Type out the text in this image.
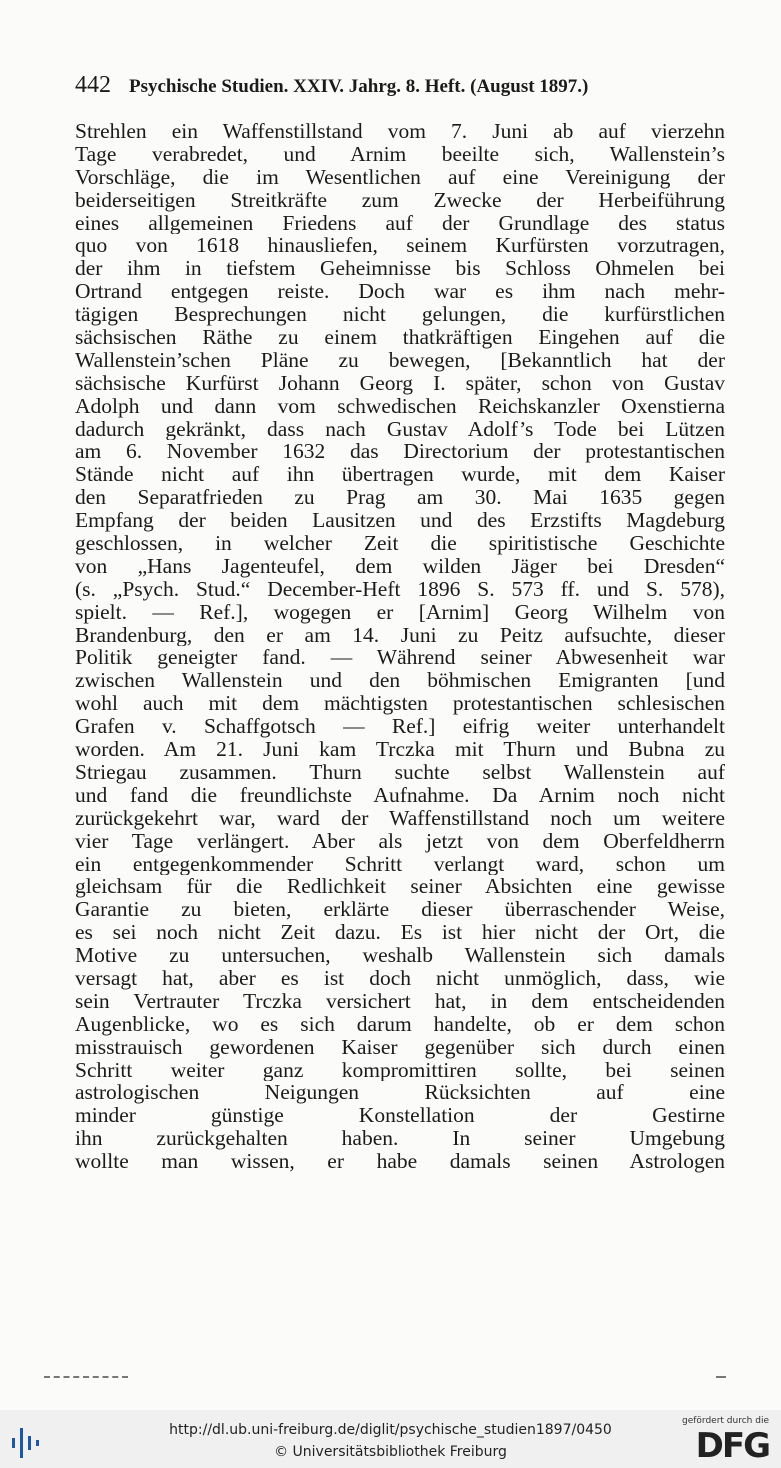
442 Psychische Studien. XXIV. Jahrg. 8. Heft. (August 1897.)
Strehlen ein Waffenstillstand vom 7. Juni ab auf vierzehn
Tage verabredet, und Arnim beeilte sich, Wallenstein’s
Vorschläge, die im Wesentlichen auf eine Vereinigung der
beiderseitigen Streitkräfte zum Zwecke der Herbeiführung
eines allgemeinen Friedens auf der Grundlage des status
quo von 1618 hinausliefen, seinem Kurfürsten vorzutragen,
der ihm in tiefstem Geheimnisse bis Schloss Ohmelen bei
Ortrand entgegen reiste. Doch war es ihm nach mehr-
tägigen Besprechungen nicht gelungen, die kurfürstlichen
sächsischen Räthe zu einem thatkräftigen Eingehen auf die
Wallenstein’schen Pläne zu bewegen, [Bekanntlich hat der
sächsische Kurfürst Johann Georg I. später, schon von Gustav
Adolph und dann vom schwedischen Reichskanzler Oxenstierna
dadurch gekränkt, dass nach Gustav Adolf’s Tode bei Lützen
am 6. November 1632 das Directorium der protestantischen
Stände nicht auf ihn übertragen wurde, mit dem Kaiser
den Separatfrieden zu Prag am 30. Mai 1635 gegen
Empfang der beiden Lausitzen und des Erzstifts Magdeburg
geschlossen, in welcher Zeit die spiritistische Geschichte
von „Hans Jagenteufel, dem wilden Jäger bei Dresden“
(s. „Psych. Stud.“ December-Heft 1896 S. 573 ff. und S. 578),
spielt. — Ref.], wogegen er [Arnim] Georg Wilhelm von
Brandenburg, den er am 14. Juni zu Peitz aufsuchte, dieser
Politik geneigter fand. — Während seiner Abwesenheit war
zwischen Wallenstein und den böhmischen Emigranten [und
wohl auch mit dem mächtigsten protestantischen schlesischen
Grafen v. Schaffgotsch — Ref.] eifrig weiter unterhandelt
worden. Am 21. Juni kam Trczka mit Thurn und Bubna zu
Striegau zusammen. Thurn suchte selbst Wallenstein auf
und fand die freundlichste Aufnahme. Da Arnim noch nicht
zurückgekehrt war, ward der Waffenstillstand noch um weitere
vier Tage verlängert. Aber als jetzt von dem Oberfeldherrn
ein entgegenkommender Schritt verlangt ward, schon um
gleichsam für die Redlichkeit seiner Absichten eine gewisse
Garantie zu bieten, erklärte dieser überraschender Weise,
es sei noch nicht Zeit dazu. Es ist hier nicht der Ort, die
Motive zu untersuchen, weshalb Wallenstein sich damals
versagt hat, aber es ist doch nicht unmöglich, dass, wie
sein Vertrauter Trczka versichert hat, in dem entscheidenden
Augenblicke, wo es sich darum handelte, ob er dem schon
misstrauisch gewordenen Kaiser gegenüber sich durch einen
Schritt weiter ganz kompromittiren sollte, bei seinen
astrologischen Neigungen Rücksichten auf eine
minder günstige Konstellation der Gestirne
ihn zurückgehalten haben. In seiner Umgebung
wollte man wissen, er habe damals seinen Astrologen
http://dl.ub.uni-freiburg.de/diglit/psychische_studien1897/0450
© Universitätsbibliothek Freiburg
gefördert durch die
DFG
